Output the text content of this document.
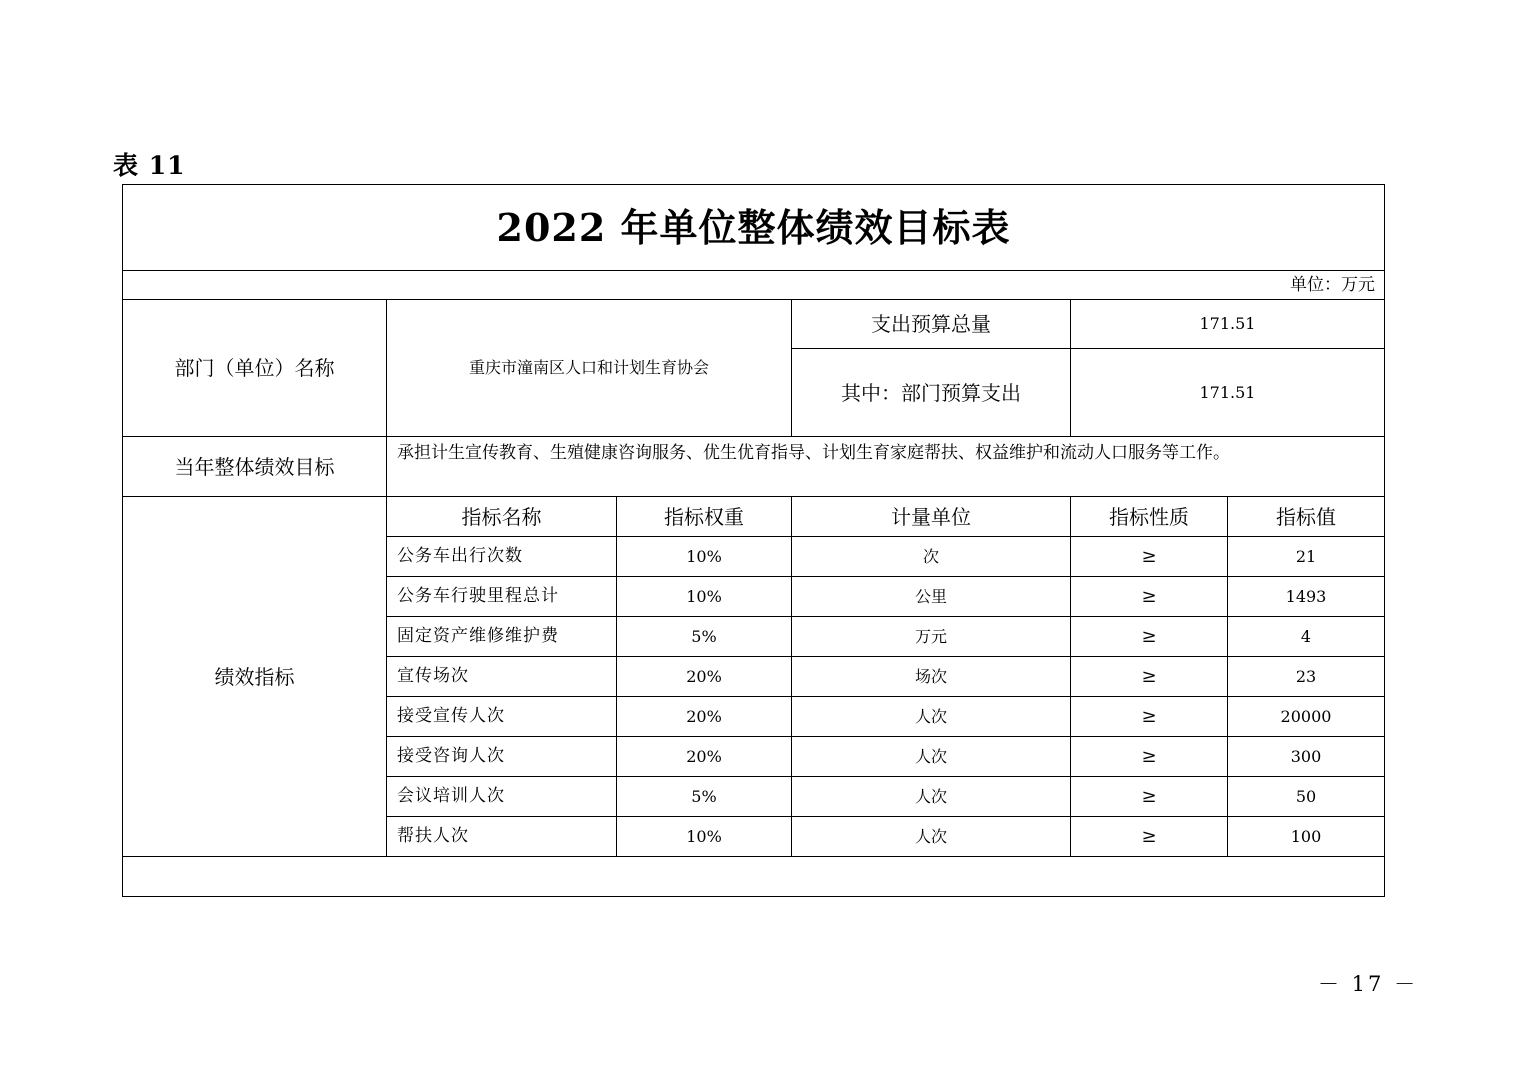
表 11
2022 年单位整体绩效目标表					
单位：万元					
部门（单位）名称	重庆市潼南区人口和计划生育协会		支出预算总量	171.51	
			其中：部门预算支出	171.51	
当年整体绩效目标	承担计生宣传教育、生殖健康咨询服务、优生优育指导、计划生育家庭帮扶、权益维护和流动人口服务等工作。				
绩效指标	指标名称	指标权重	计量单位	指标性质	指标值
	公务车出行次数	10%	次	≥	21
	公务车行驶里程总计	10%	公里	≥	1493
	固定资产维修维护费	5%	万元	≥	4
	宣传场次	20%	场次	≥	23
	接受宣传人次	20%	人次	≥	20000
	接受咨询人次	20%	人次	≥	300
	会议培训人次	5%	人次	≥	50
	帮扶人次	10%	人次	≥	100

－ 17 －
